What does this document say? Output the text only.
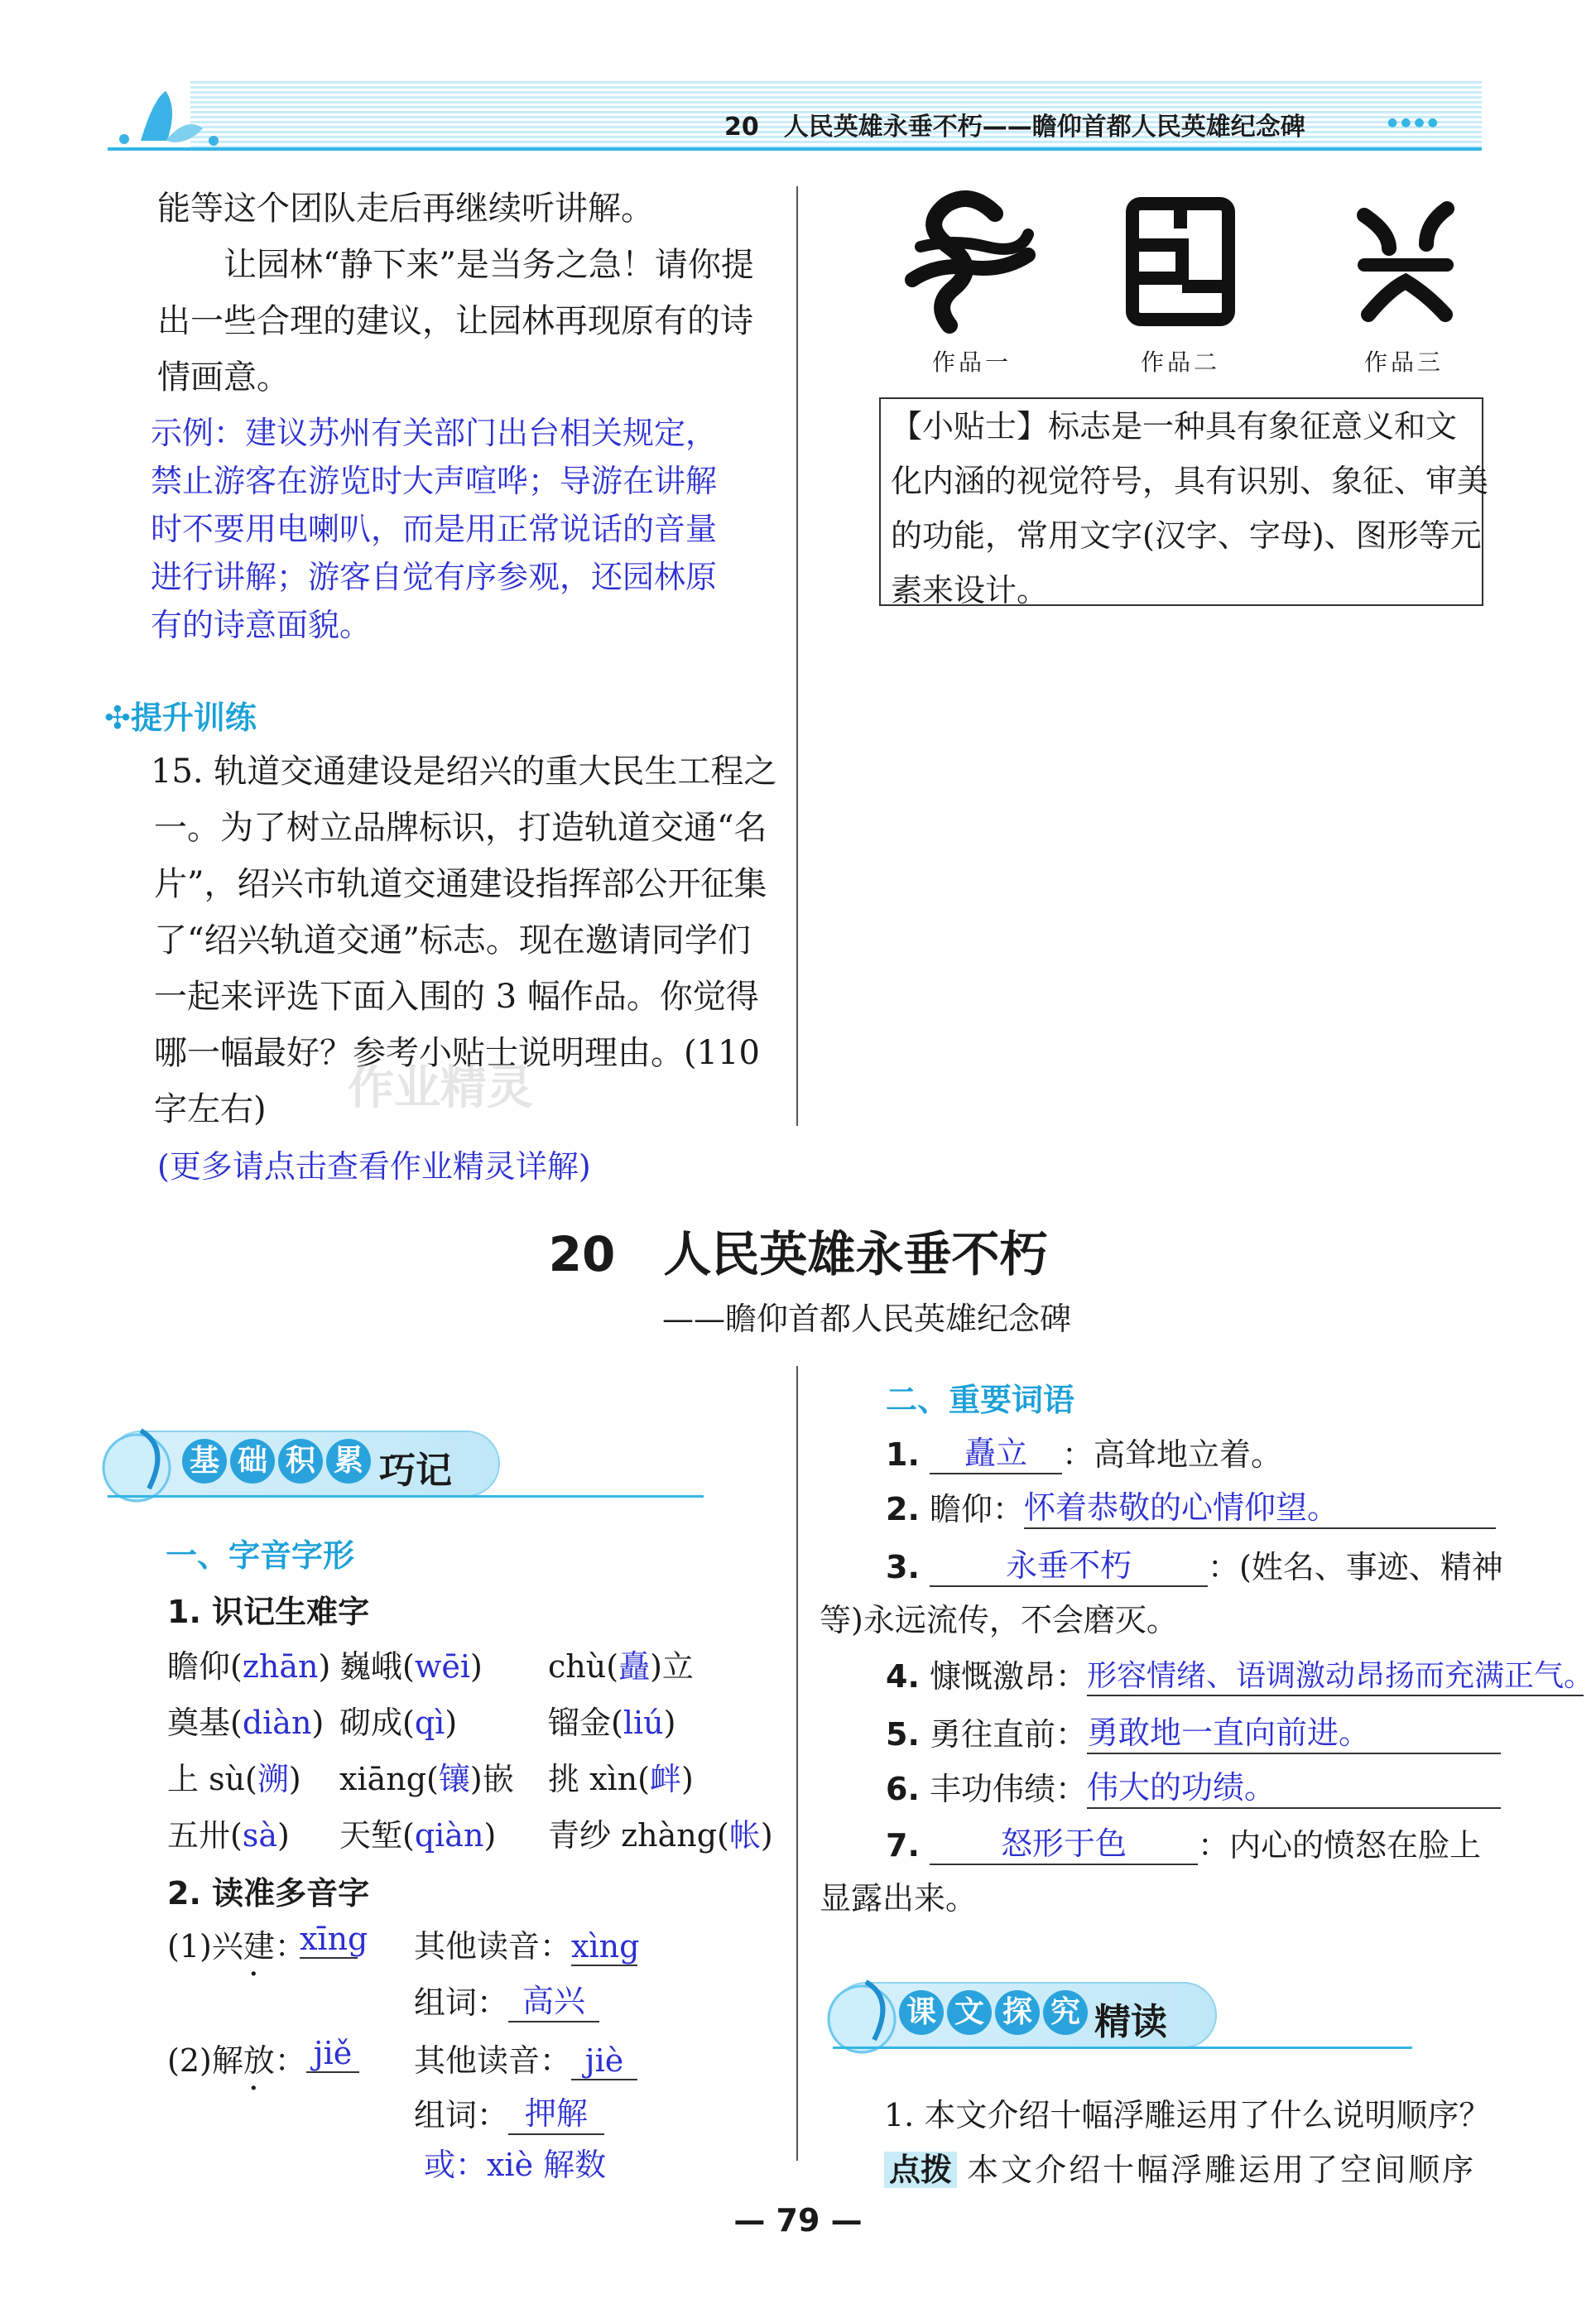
20　人民英雄永垂不朽——瞻仰首都人民英雄纪念碑	●●●●
能等这个团队走后再继续听讲解。
　　让园林“静下来”是当务之急！请你提
出一些合理的建议，让园林再现原有的诗
情画意。
示例：建议苏州有关部门出台相关规定，
禁止游客在游览时大声喧哗；导游在讲解
时不要用电喇叭，而是用正常说话的音量
进行讲解；游客自觉有序参观，还园林原
有的诗意面貌。
✣提升训练
15. 轨道交通建设是绍兴的重大民生工程之
一。为了树立品牌标识，打造轨道交通“名
片”，绍兴市轨道交通建设指挥部公开征集
了“绍兴轨道交通”标志。现在邀请同学们
一起来评选下面入围的 3 幅作品。你觉得
哪一幅最好？参考小贴士说明理由。(110
字左右)
(更多请点击查看作业精灵详解)
作品一	作品二	作品三
【小贴士】标志是一种具有象征意义和文
化内涵的视觉符号，具有识别、象征、审美
的功能，常用文字(汉字、字母)、图形等元
素来设计。
20　人民英雄永垂不朽
——瞻仰首都人民英雄纪念碑
基 础 积 累 巧记
一、字音字形
1. 识记生难字
瞻仰(zhān) 巍峨(wēi) chù(矗)立
奠基(diàn) 砌成(qì)	镏金(liú)
上 sù(溯) xiāng(镶)嵌 挑 xìn(衅)
五卅(sà) 天堑(qiàn) 青纱 zhàng(帐)
2. 读准多音字
(1)兴建：
·
xīng 其他读音：xìng
组词： 高兴
(2)解放：
·
jiě 其他读音： jiè
组词： 押解
或：xiè 解数
二、重要词语
1. 矗立 ：高耸地立着。
2. 瞻仰：怀着恭敬的心情仰望。
3.	永垂不朽 ：(姓名、事迹、精神
等)永远流传，不会磨灭。
4. 慷慨激昂：形容情绪、语调激动昂扬而充满正气。
5. 勇往直前：勇敢地一直向前进。
6. 丰功伟绩：伟大的功绩。
7.	怒形于色 ：内心的愤怒在脸上
显露出来。
课 文 探 究 精读
1. 本文介绍十幅浮雕运用了什么说明顺序？
点拨 本文介绍十幅浮雕运用了空间顺序
— 79 —
作业精灵
